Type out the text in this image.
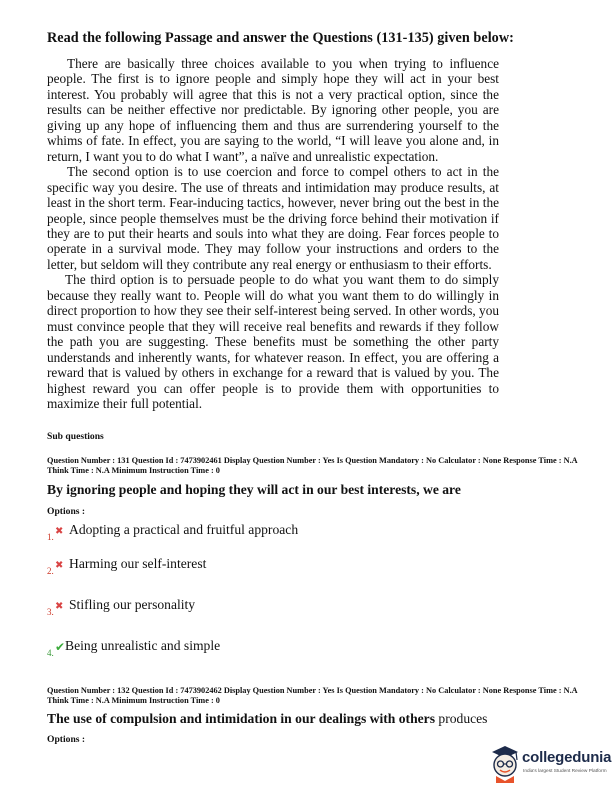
Read the following Passage and answer the Questions (131-135) given below:

There are basically three choices available to you when trying to influence people. The first is to ignore people and simply hope they will act in your best interest. You probably will agree that this is not a very practical option, since the results can be neither effective nor predictable. By ignoring other people, you are giving up any hope of influencing them and thus are surrendering yourself to the whims of fate. In effect, you are saying to the world, “I will leave you alone and, in return, I want you to do what I want”, a naïve and unrealistic expectation.

The second option is to use coercion and force to compel others to act in the specific way you desire. The use of threats and intimidation may produce results, at least in the short term. Fear-inducing tactics, however, never bring out the best in the people, since people themselves must be the driving force behind their motivation if they are to put their hearts and souls into what they are doing. Fear forces people to operate in a survival mode. They may follow your instructions and orders to the letter, but seldom will they contribute any real energy or enthusiasm to their efforts.

The third option is to persuade people to do what you want them to do simply because they really want to. People will do what you want them to do willingly in direct proportion to how they see their self-interest being served. In other words, you must convince people that they will receive real benefits and rewards if they follow the path you are suggesting. These benefits must be something the other party understands and inherently wants, for whatever reason. In effect, you are offering a reward that is valued by others in exchange for a reward that is valued by you. The highest reward you can offer people is to provide them with opportunities to maximize their full potential.

Sub questions
Question Number : 131 Question Id : 7473902461 Display Question Number : Yes Is Question Mandatory : No Calculator : None Response Time : N.A Think Time : N.A Minimum Instruction Time : 0
By ignoring people and hoping they will act in our best interests, we are
Options :
1. ✖ Adopting a practical and fruitful approach
2. ✖ Harming our self-interest
3. ✖ Stifling our personality
4. ✔ Being unrealistic and simple
Question Number : 132 Question Id : 7473902462 Display Question Number : Yes Is Question Mandatory : No Calculator : None Response Time : N.A Think Time : N.A Minimum Instruction Time : 0
The use of compulsion and intimidation in our dealings with others produces
Options :
collegedunia
India's largest Student Review Platform
